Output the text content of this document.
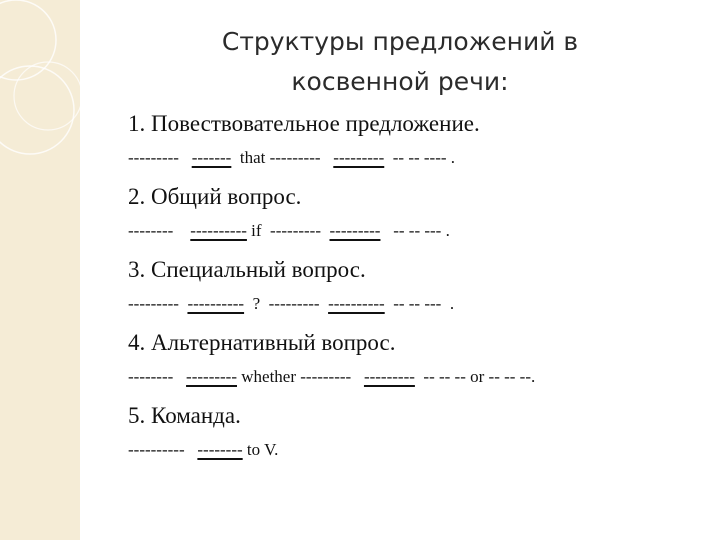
Структуры предложений в
косвенной речи:

1. Повествовательное предложение.

---------   -------  that ---------   ---------  -- -- ---- .

2. Общий вопрос.

--------    ---------- if  ---------  ---------   -- -- --- .

3. Специальный вопрос.

---------  ----------  ?  ---------  ----------  -- -- ---  .

4. Альтернативный вопрос.

--------   --------- whether ---------   ---------  -- -- -- or -- -- --.

5. Команда.

----------   -------- to V.
